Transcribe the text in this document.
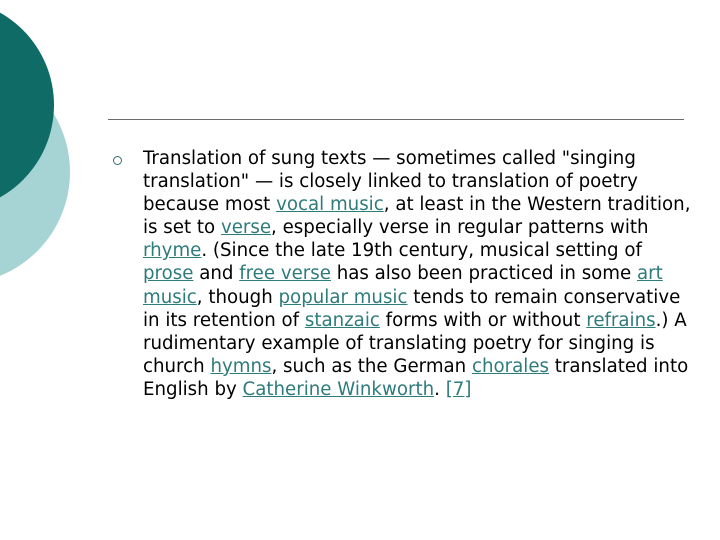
Translation of sung texts — sometimes called "singing translation" — is closely linked to translation of poetry because most vocal music, at least in the Western tradition, is set to verse, especially verse in regular patterns with rhyme. (Since the late 19th century, musical setting of prose and free verse has also been practiced in some art music, though popular music tends to remain conservative in its retention of stanzaic forms with or without refrains.) A rudimentary example of translating poetry for singing is church hymns, such as the German chorales translated into English by Catherine Winkworth. [7]
